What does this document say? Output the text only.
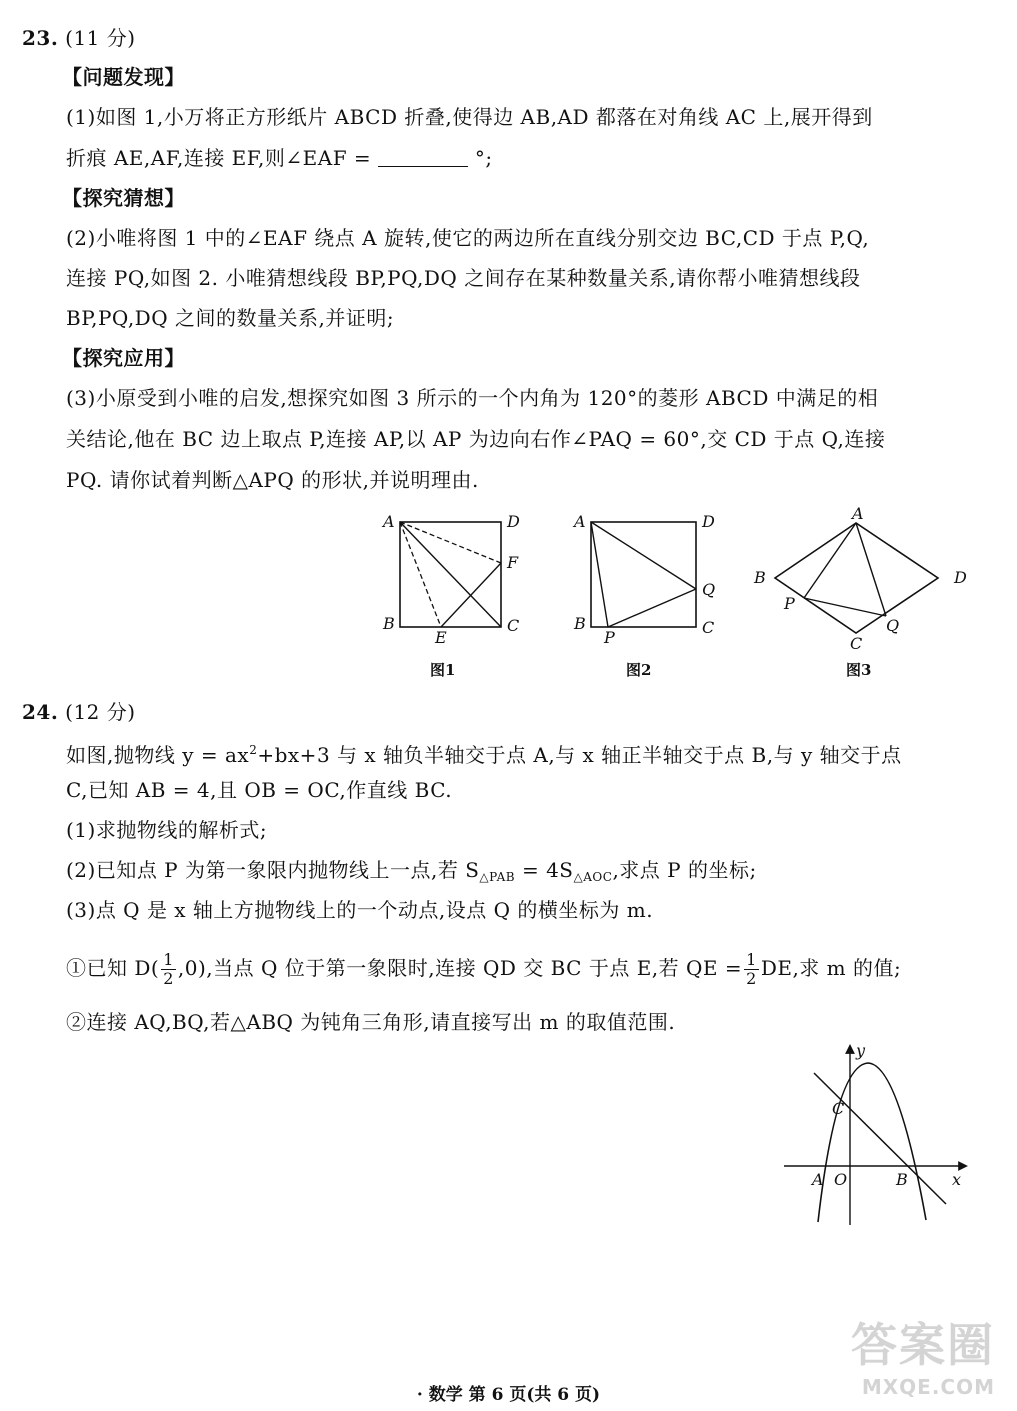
23. (11 分)
【问题发现】
(1)如图 1,小万将正方形纸片 ABCD 折叠,使得边 AB,AD 都落在对角线 AC 上,展开得到
折痕 AE,AF,连接 EF,则∠EAF =	°;
【探究猜想】
(2)小唯将图 1 中的∠EAF 绕点 A 旋转,使它的两边所在直线分别交边 BC,CD 于点 P,Q,
连接 PQ,如图 2. 小唯猜想线段 BP,PQ,DQ 之间存在某种数量关系,请你帮小唯猜想线段
BP,PQ,DQ 之间的数量关系,并证明;
【探究应用】
(3)小原受到小唯的启发,想探究如图 3 所示的一个内角为 120°的菱形 ABCD 中满足的相
关结论,他在 BC 边上取点 P,连接 AP,以 AP 为边向右作∠PAQ = 60°,交 CD 于点 Q,连接
PQ. 请你试着判断△APQ 的形状,并说明理由.
A	D
F
B
E
C
图1
A	D
Q
B
P
C
图2
A
B	D
P
C
Q
图3
24. (12 分)
如图,抛物线 $y = ax^2+bx+3$ 与 x 轴负半轴交于点 A,与 x 轴正半轴交于点 B,与 y 轴交于点
C,已知 AB = 4,且 OB = OC,作直线 BC.
(1)求抛物线的解析式;
(2)已知点 P 为第一象限内抛物线上一点,若 $S_{\triangle PAB} = 4S_{\triangle AOC}$,求点 P 的坐标;
(3)点 Q 是 x 轴上方抛物线上的一个动点,设点 Q 的横坐标为 m.
①已知 $D( \frac{1}{2} ,0)$,当点 Q 位于第一象限时,连接 QD 交 BC 于点 E,若 QE = $\frac{1}{2}$ DE,求 m 的值;
②连接 AQ,BQ,若△ABQ 为钝角三角形,请直接写出 m 的取值范围.
y
C
A O	B	x
· 数学 第 6 页(共 6 页)
答案圈
MXQE.COM
